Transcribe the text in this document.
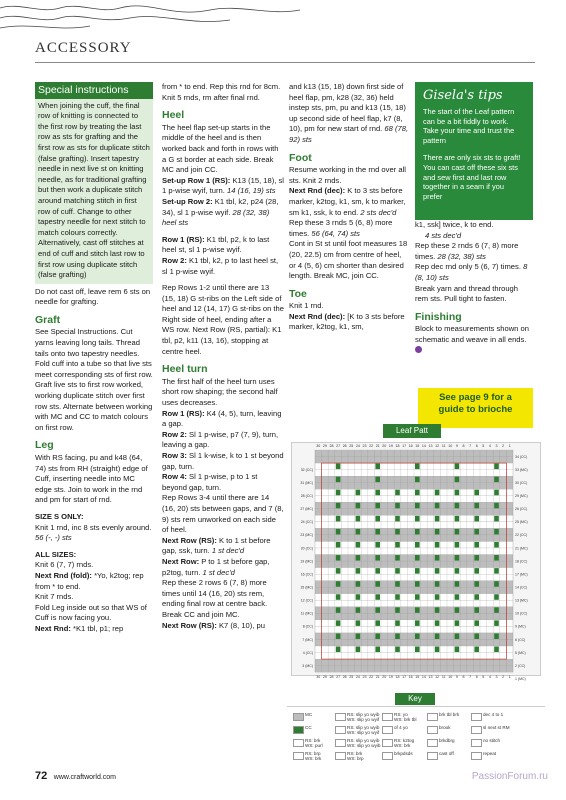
ACCESSORY
Special instructions

When joining the cuff, the final row of knitting is connected to the first row by treating the last row as sts for grafting and the first row as sts for duplicate stitch (false grafting). Insert tapestry needle in next live st on knitting needle, as for traditional grafting but then work a duplicate stitch around matching stitch in first row of cuff. Change to other tapestry needle for next stitch to match colours correctly. Alternatively, cast off stitches at end of cuff and stitch last row to first row using duplicate stitch (false grafting)

Do not cast off, leave rem 6 sts on needle for grafting.

Graft

See Special Instructions. Cut yarns leaving long tails. Thread tails onto two tapestry needles. Fold cuff into a tube so that live sts meet corresponding sts of first row. Graft live sts to first row worked, working duplicate stitch over first row sts. Alternate between working with MC and CC to match colours on first row.

Leg

With RS facing, pu and k48 (64, 74) sts from RH (straight) edge of Cuff, inserting needle into MC edge sts. Join to work in the rnd and pm for start of rnd.

SIZE S ONLY:

Knit 1 rnd, inc 8 sts evenly around. 56 (-, -) sts

ALL SIZES:

Knit 6 (7, 7) rnds.

Next Rnd (fold): *Yo, k2tog; rep from * to end.

Knit 7 rnds.

Fold Leg inside out so that WS of Cuff is now facing you.

Next Rnd: *K1 tbl, p1; rep

from * to end. Rep this rnd for 8cm. Knit 5 rnds, rm after final rnd.

Heel

The heel flap set-up starts in the middle of the heel and is then worked back and forth in rows with a G st border at each side. Break MC and join CC.

Set-up Row 1 (RS): K13 (15, 18), sl 1 p-wise wyif, turn. 14 (16, 19) sts

Set-up Row 2: K1 tbl, k2, p24 (28, 34), sl 1 p-wise wyif. 28 (32, 38) heel sts

Row 1 (RS): K1 tbl, p2, k to last heel st, sl 1 p-wise wyif.

Row 2: K1 tbl, k2, p to last heel st, sl 1 p-wise wyif.

Rep Rows 1-2 until there are 13 (15, 18) G st-ribs on the Left side of heel and 12 (14, 17) G st-ribs on the Right side of heel, ending after a WS row. Next Row (RS, partial): K1 tbl, p2, k11 (13, 16), stopping at centre heel.

Heel turn

The first half of the heel turn uses short row shaping; the second half uses decreases.

Row 1 (RS): K4 (4, 5), turn, leaving a gap.

Row 2: Sl 1 p-wise, p7 (7, 9), turn, leaving a gap.

Row 3: Sl 1 k-wise, k to 1 st beyond gap, turn.

Row 4: Sl 1 p-wise, p to 1 st beyond gap, turn.

Rep Rows 3-4 until there are 14 (16, 20) sts between gaps, and 7 (8, 9) sts rem unworked on each side of heel.

Next Row (RS): K to 1 st before gap, ssk, turn. 1 st dec'd

Next Row: P to 1 st before gap, p2tog, turn. 1 st dec'd

Rep these 2 rows 6 (7, 8) more times until 14 (16, 20) sts rem, ending final row at centre back. Break CC and join MC.

Next Row (RS): K7 (8, 10), pu

and k13 (15, 18) down first side of heel flap, pm, k28 (32, 36) held instep sts, pm, pu and k13 (15, 18) up second side of heel flap, k7 (8, 10), pm for new start of rnd. 68 (78, 92) sts

Foot

Resume working in the rnd over all sts. Knit 2 rnds.

Next Rnd (dec): K to 3 sts before marker, k2tog, k1, sm, k to marker, sm k1, ssk, k to end. 2 sts dec'd

Rep these 3 rnds 5 (6, 8) more times. 56 (64, 74) sts

Cont in St st until foot measures 18 (20, 22.5) cm from centre of heel, or 4 (5, 6) cm shorter than desired length. Break MC, join CC.

Toe

Knit 1 rnd.

Next Rnd (dec): [K to 3 sts before marker, k2tog, k1, sm,

Gisela's tips
The start of the Leaf pattern can be a bit fiddly to work. Take your time and trust the pattern
There are only six sts to graft! You can cast off these six sts and sew first and last row together in a seam if you prefer

k1, ssk] twice, k to end.

4 sts dec'd

Rep these 2 rnds 6 (7, 8) more times. 28 (32, 38) sts

Rep dec rnd only 5 (6, 7) times. 8 (8, 10) sts

Break yarn and thread through rem sts. Pull tight to fasten.

Finishing

Block to measurements shown on schematic and weave in all ends.

See page 9 for a
guide to brioche
Leaf Patt
30
30
29
29
28
28
27
27
26
26
25
25
24
24
23
23
22
22
21
21
20
20
19
19
18
18
17
17
16
16
15
15
14
14
13
13
12
12
11
11
10
10
9
9
8
8
7
7
6
6
5
5
4
4
3
3
2
2
1
1
32 (CC)
31 (MC)
28 (CC)
27 (MC)
24 (CC)
23 (MC)
20 (CC)
19 (MC)
16 (CC)
15 (MC)
12 (CC)
11 (MC)
8 (CC)
7 (MC)
4 (CC)
3 (MC)
34 (CC)
33 (MC)
30 (CC)
29 (MC)
26 (CC)
25 (MC)
22 (CC)
21 (MC)
18 (CC)
17 (MC)
14 (CC)
13 (MC)
10 (CC)
9 (MC)
6 (CC)
5 (MC)
2 (CC)
1 (MC)
Key
MC
CC
RS: brk
WS: purl
RS: brp
WS: brk
RS: slip yo wyib
WS: slip yo wyif
RS: slip yo wyib
WS: slip yo wyif
RS: slip yo wyib
WS: slip yo wyib
RS: brk
WS: brp
RS: yo
WS: brk tbl
of 4 yo
RS: k2tog
WS: brk
brkpdsds
brk tbl brk
brook
brkdbrg
cast off
dec 4 to 1
sl next st RM
no stitch
repeat
72 www.craftworld.com	PassionForum.ru
